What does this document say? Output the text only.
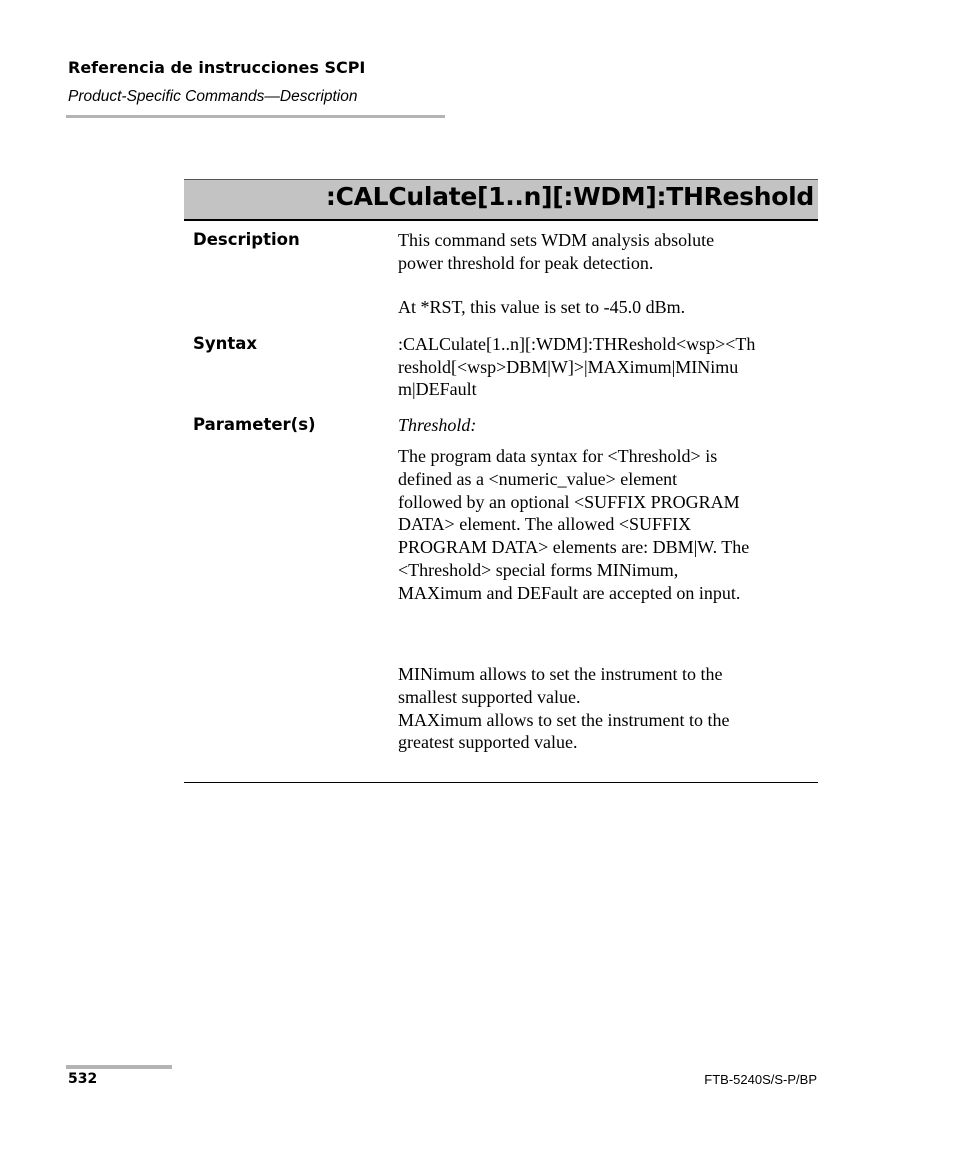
Referencia de instrucciones SCPI
Product-Specific Commands—Description
:CALCulate[1..n][:WDM]:THReshold
Description	This command sets WDM analysis absolute
power threshold for peak detection.
At *RST, this value is set to -45.0 dBm.
Syntax	:CALCulate[1..n][:WDM]:THReshold<wsp><Th
reshold[<wsp>DBM|W]>|MAXimum|MINimu
m|DEFault
Parameter(s)	Threshold:
The program data syntax for <Threshold> is
defined as a <numeric_value> element
followed by an optional <SUFFIX PROGRAM
DATA> element. The allowed <SUFFIX
PROGRAM DATA> elements are: DBM|W. The
<Threshold> special forms MINimum,
MAXimum and DEFault are accepted on input.
MINimum allows to set the instrument to the
smallest supported value.
MAXimum allows to set the instrument to the
greatest supported value.
532	FTB-5240S/S-P/BP
